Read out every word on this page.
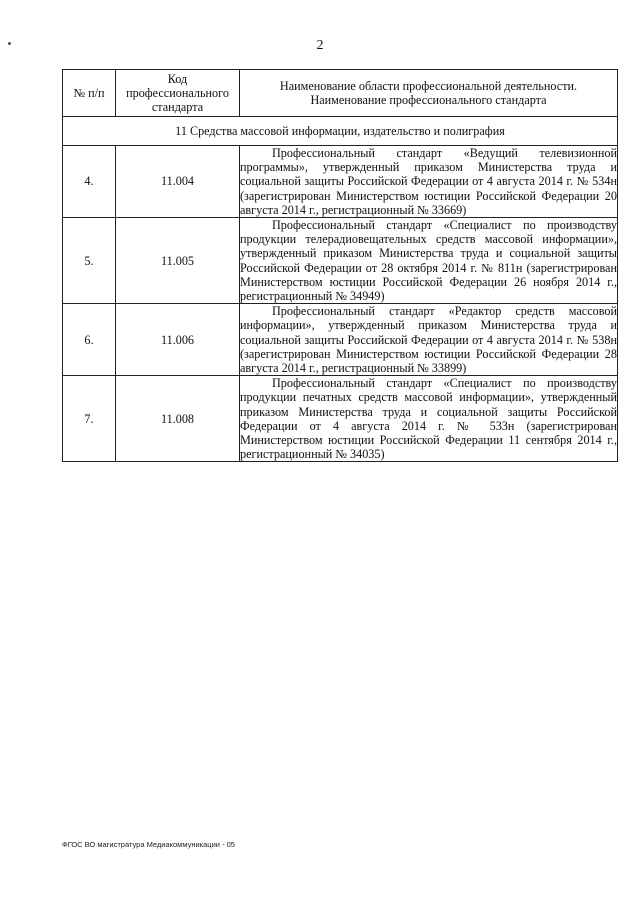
2
№ п/п	Код профессионального стандарта	Наименование области профессиональной деятельности.
Наименование профессионального стандарта

11 Средства массовой информации, издательство и полиграфия		
4.	11.004	Профессиональный стандарт «Ведущий телевизионной программы», утвержденный приказом Министерства труда и социальной защиты Российской Федерации от 4 августа 2014 г. № 534н (зарегистрирован Министерством юстиции Российской Федерации 20 августа 2014 г., регистрационный № 33669)
5.	11.005	Профессиональный стандарт «Специалист по производству продукции телерадиовещательных средств массовой информации», утвержденный приказом Министерства труда и социальной защиты Российской Федерации от 28 октября 2014 г. № 811н (зарегистрирован Министерством юстиции Российской Федерации 26 ноября 2014 г., регистрационный № 34949)
6.	11.006	Профессиональный стандарт «Редактор средств массовой информации», утвержденный приказом Министерства труда и социальной защиты Российской Федерации от 4 августа 2014 г. № 538н (зарегистрирован Министерством юстиции Российской Федерации 28 августа 2014 г., регистрационный № 33899)
7.	11.008	Профессиональный стандарт «Специалист по производству продукции печатных средств массовой информации», утвержденный приказом Министерства труда и социальной защиты Российской Федерации от 4 августа 2014 г. № 533н (зарегистрирован Министерством юстиции Российской Федерации 11 сентября 2014 г., регистрационный № 34035)
ФГОС ВО магистратура Медиакоммуникации - 05
